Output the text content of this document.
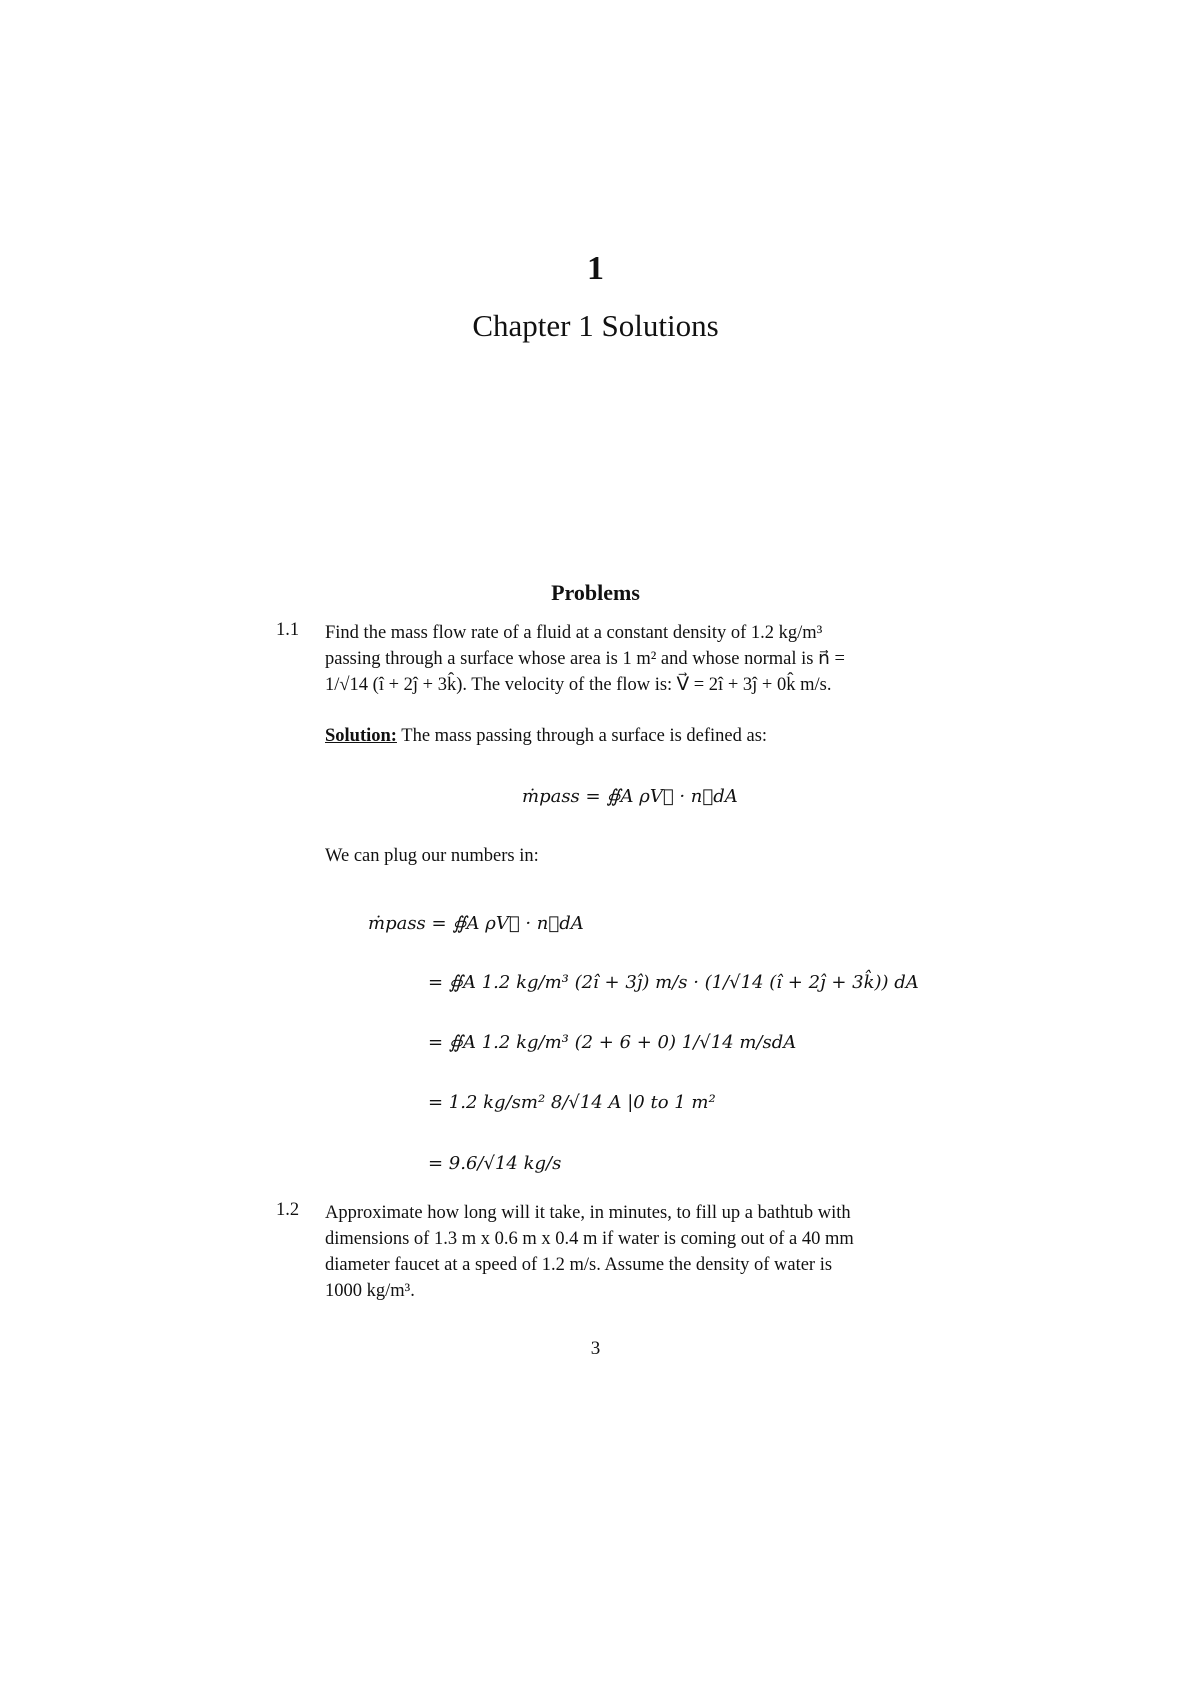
1
Chapter 1 Solutions
Problems
1.1 Find the mass flow rate of a fluid at a constant density of 1.2 kg/m³
passing through a surface whose area is 1 m² and whose normal is n⃗ =
1/√14 (î + 2ĵ + 3k̂). The velocity of the flow is: V⃗ = 2î + 3ĵ + 0k̂ m/s.
Solution: The mass passing through a surface is defined as:
ṁpass = ∯A ρV⃗ · n⃗dA
We can plug our numbers in:
ṁpass = ∯A ρV⃗ · n⃗dA
= ∯A 1.2 kg/m³ (2î + 3ĵ) m/s · (1/√14 (î + 2ĵ + 3k̂)) dA
= ∯A 1.2 kg/m³ (2 + 6 + 0) 1/√14 m/sdA
= 1.2 kg/sm² 8/√14 A |0 to 1 m²
= 9.6/√14 kg/s
1.2 Approximate how long will it take, in minutes, to fill up a bathtub with
dimensions of 1.3 m x 0.6 m x 0.4 m if water is coming out of a 40 mm
diameter faucet at a speed of 1.2 m/s. Assume the density of water is
1000 kg/m³.
3
